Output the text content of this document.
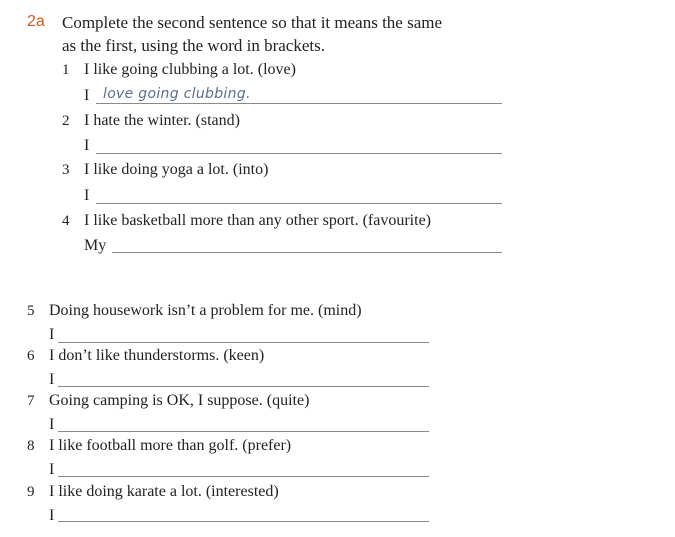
2a Complete the second sentence so that it means the same
as the first, using the word in brackets.
1 I like going clubbing a lot. (love)
I love going clubbing.
2 I hate the winter. (stand)
I
3 I like doing yoga a lot. (into)
I
4 I like basketball more than any other sport. (favourite)
My
5 Doing housework isn’t a problem for me. (mind)
I
6 I don’t like thunderstorms. (keen)
I
7 Going camping is OK, I suppose. (quite)
I
8 I like football more than golf. (prefer)
I
9 I like doing karate a lot. (interested)
I
